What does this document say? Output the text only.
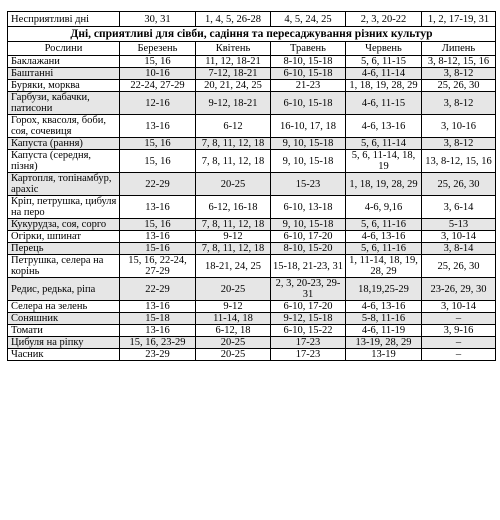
Несприятливі дні	30, 31	1, 4, 5, 26-28	4, 5, 24, 25	2, 3, 20-22	1, 2, 17-19, 31
Дні, сприятливі для сівби, садіння та пересаджування різних культур					
Рослини	Березень	Квітень	Травень	Червень	Липень
Баклажани	15, 16	11, 12, 18-21	8-10, 15-18	5, 6, 11-15	3, 8-12, 15, 16
Баштанні	10-16	7-12, 18-21	6-10, 15-18	4-6, 11-14	3, 8-12
Буряки, морква	22-24, 27-29	20, 21, 24, 25	21-23	1, 18, 19, 28, 29	25, 26, 30
Гарбузи, кабачки, патисони	12-16	9-12, 18-21	6-10, 15-18	4-6, 11-15	3, 8-12
Горох, квасоля, боби, соя, сочевиця	13-16	6-12	16-10, 17, 18	4-6, 13-16	3, 10-16
Капуста (рання)	15, 16	7, 8, 11, 12, 18	9, 10, 15-18	5, 6, 11-14	3, 8-12
Капуста (середня, пізня)	15, 16	7, 8, 11, 12, 18	9, 10, 15-18	5, 6, 11-14, 18, 19	13, 8-12, 15, 16
Картопля, топінамбур, арахіс	22-29	20-25	15-23	1, 18, 19, 28, 29	25, 26, 30
Кріп, петрушка, цибуля на перо	13-16	6-12, 16-18	6-10, 13-18	4-6, 9,16	3, 6-14
Кукурудза, соя, сорго	15, 16	7, 8, 11, 12, 18	9, 10, 15-18	5, 6, 11-16	5-13
Огірки, шпинат	13-16	9-12	6-10, 17-20	4-6, 13-16	3, 10-14
Перець	15-16	7, 8, 11, 12, 18	8-10, 15-20	5, 6, 11-16	3, 8-14
Петрушка, селера на корінь	15, 16, 22-24, 27-29	18-21, 24, 25	15-18, 21-23, 31	1, 11-14, 18, 19, 28, 29	25, 26, 30
Редис, редька, ріпа	22-29	20-25	2, 3, 20-23, 29-31	18,19,25-29	23-26, 29, 30
Селера на зелень	13-16	9-12	6-10, 17-20	4-6, 13-16	3, 10-14
Соняшник	15-18	11-14, 18	9-12, 15-18	5-8, 11-16	–
Томати	13-16	6-12, 18	6-10, 15-22	4-6, 11-19	3, 9-16
Цибуля на ріпку	15, 16, 23-29	20-25	17-23	13-19, 28, 29	–
Часник	23-29	20-25	17-23	13-19	–
